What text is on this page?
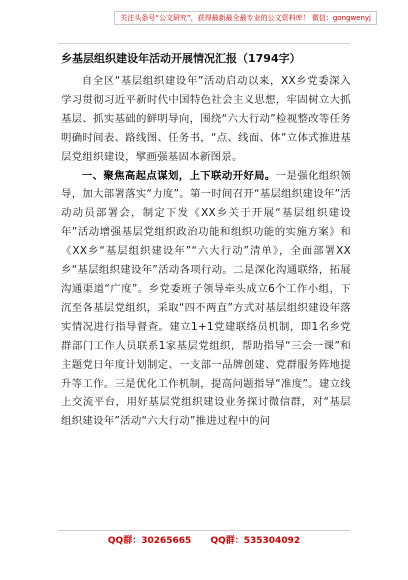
关注头条号“公文研究”，获得最新最全最专业的公文资料库！ 微信：gongwenyj
乡基层组织建设年活动开展情况汇报（1794字）

自全区“基层组织建设年”活动启动以来，XX乡党委深入学习贯彻习近平新时代中国特色社会主义思想，牢固树立大抓基层、抓实基础的鲜明导向，围绕“六大行动”检视整改等任务明确时间表、路线图、任务书，“点、线面、体”立体式推进基层党组织建设，擘画强基固本新图景。

一、聚焦高起点谋划，上下联动开好局。一是强化组织领导，加大部署落实“力度”。第一时间召开“基层组织建设年”活动动员部署会，制定下发《XX乡关于开展“基层组织建设年”活动增强基层党组织政治功能和组织功能的实施方案》和《XX乡“基层组织建设年”“六大行动”清单》，全面部署XX乡“基层组织建设年”活动各项行动。二是深化沟通联络，拓展沟通渠道“广度”。乡党委班子领导牵头成立6个工作小组，下沉至各基层党组织，采取“四不两直”方式对基层组织建设年落实情况进行指导督查。建立1+1党建联络员机制，即1名乡党群部门工作人员联系1家基层党组织，帮助指导“三会一课”和主题党日年度计划制定、一支部一品牌创建、党群服务阵地提升等工作。三是优化工作机制，提高问题指导“准度”。建立线上交流平台，用好基层党组织建设业务探讨微信群，对“基层组织建设年”活动“六大行动”推进过程中的问

QQ群：30265665 QQ群：535304092
